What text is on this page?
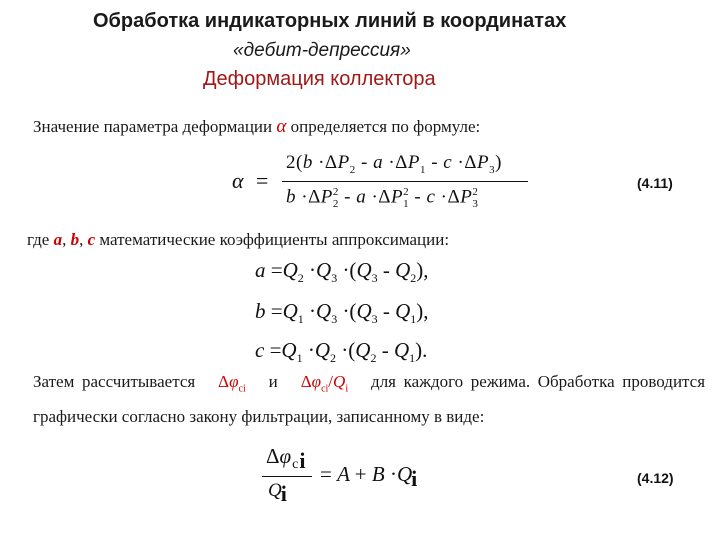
Обработка индикаторных линий в координатах
«дебит-депрессия»
Деформация коллектора
Значение параметра деформации α определяется по формуле:
α  =
$2(b \cdot\Delta P_2 - a \cdot\Delta P_1 - c \cdot\Delta P_3)$
$b \cdot\Delta P_2^2 - a \cdot\Delta P_1^2 - c \cdot\Delta P_3^2$
(4.11)
где a, b, c математические коэффициенты аппроксимации:
$a =Q_2 \cdot Q_3 \cdot(Q_3 - Q_2)$,
$b =Q_1 \cdot Q_3 \cdot(Q_3 - Q_1)$,
$c =Q_1 \cdot Q_2 \cdot(Q_2 - Q_1)$.
Затем рассчитывается $\Delta\varphi_{ci}$ и $\Delta\varphi_{ci}/Q_i$ для каждого режима. Обработка проводится графически согласно закону фильтрации, записанному в виде:
$\Delta\varphi_{ci}$
$Q_i$
= $A + B \cdot Q_i$	(4.12)
